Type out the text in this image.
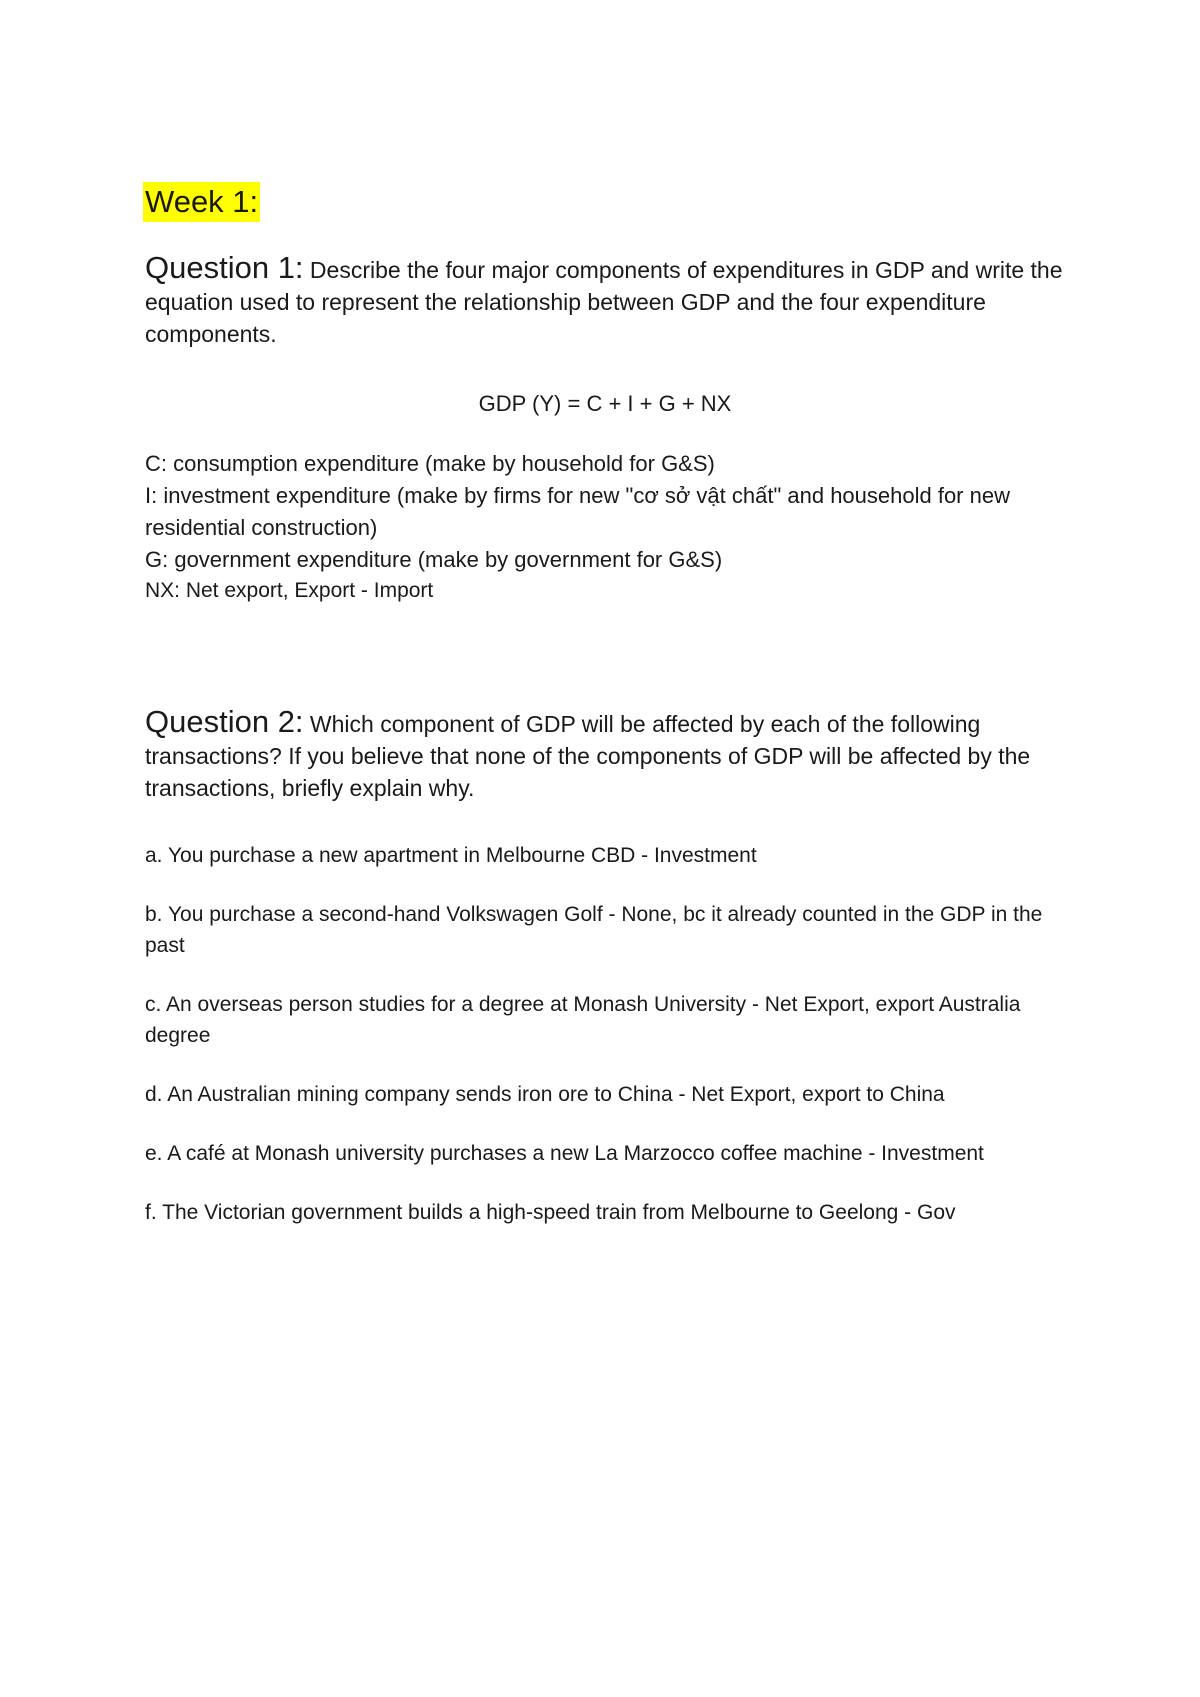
Week 1:
Question 1: Describe the four major components of expenditures in GDP and write the equation used to represent the relationship between GDP and the four expenditure components.
GDP (Y) = C + I + G + NX
C: consumption expenditure (make by household for G&S)
I: investment expenditure (make by firms for new "cơ sở vật chất" and household for new residential construction)
G: government expenditure (make by government for G&S)
NX: Net export, Export - Import
Question 2: Which component of GDP will be affected by each of the following transactions? If you believe that none of the components of GDP will be affected by the transactions, briefly explain why.
a. You purchase a new apartment in Melbourne CBD - Investment
b. You purchase a second-hand Volkswagen Golf - None, bc it already counted in the GDP in the past
c. An overseas person studies for a degree at Monash University - Net Export, export Australia degree
d. An Australian mining company sends iron ore to China - Net Export, export to China
e. A café at Monash university purchases a new La Marzocco coffee machine - Investment
f. The Victorian government builds a high-speed train from Melbourne to Geelong - Gov
